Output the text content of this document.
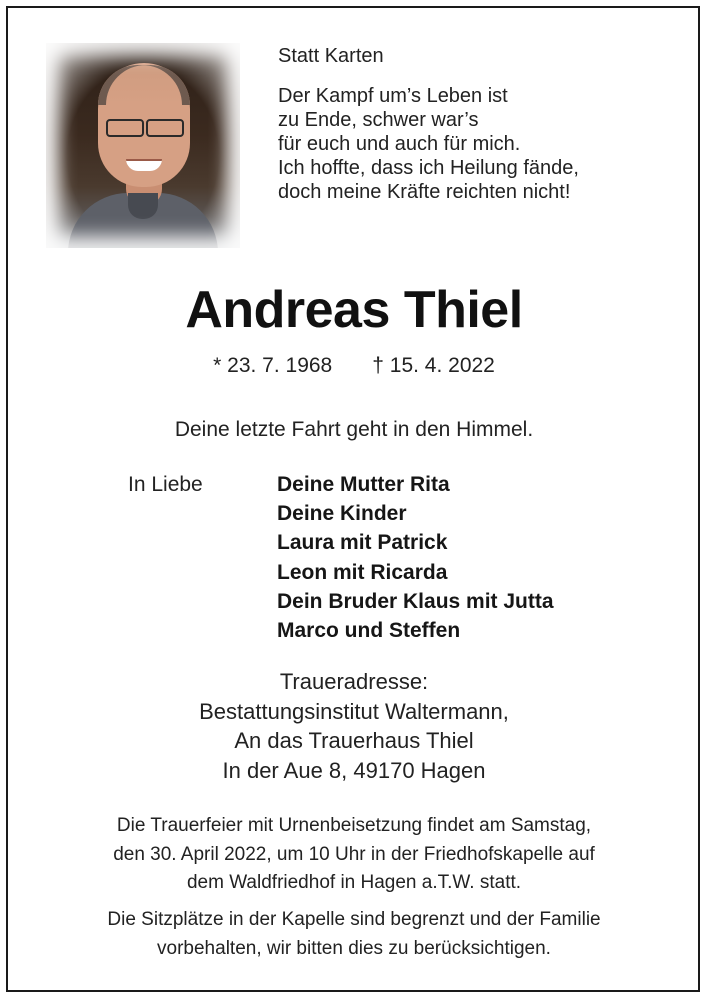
Statt Karten
Der Kampf um’s Leben ist
zu Ende, schwer war’s
für euch und auch für mich.
Ich hoffte, dass ich Heilung fände,
doch meine Kräfte reichten nicht!
Andreas Thiel
* 23. 7. 1968 † 15. 4. 2022
Deine letzte Fahrt geht in den Himmel.
In Liebe	Deine Mutter Rita
Deine Kinder
Laura mit Patrick
Leon mit Ricarda
Dein Bruder Klaus mit Jutta
Marco und Steffen
Traueradresse:
Bestattungsinstitut Waltermann,
An das Trauerhaus Thiel
In der Aue 8, 49170 Hagen
Die Trauerfeier mit Urnenbeisetzung findet am Samstag,
den 30. April 2022, um 10 Uhr in der Friedhofskapelle auf
dem Waldfriedhof in Hagen a.T.W. statt.
Die Sitzplätze in der Kapelle sind begrenzt und der Familie
vorbehalten, wir bitten dies zu berücksichtigen.
